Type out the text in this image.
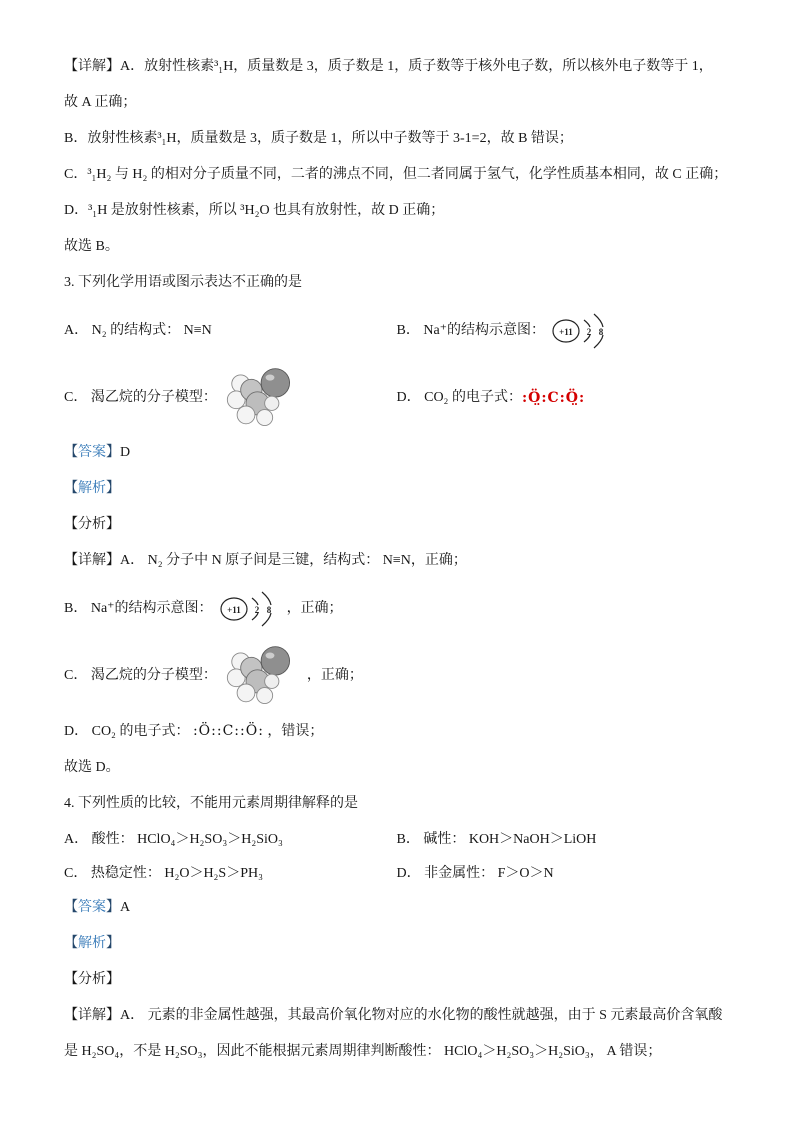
【详解】A．放射性核素³₁H，质量数是 3，质子数是 1，质子数等于核外电子数，所以核外电子数等于 1，

故 A 正确；

B．放射性核素³₁H，质量数是 3，质子数是 1，所以中子数等于 3-1=2，故 B 错误；

C．³₁H₂ 与 H₂ 的相对分子质量不同，二者的沸点不同，但二者同属于氢气，化学性质基本相同，故 C 正确；

D．³₁H 是放射性核素，所以 ³H₂O 也具有放射性，故 D 正确；

故选 B。

3. 下列化学用语或图示表达不正确的是

A． N₂ 的结构式： N≡N	B． Na⁺的结构示意图： +11 2 8
C． 渴乙烷的分子模型：	D． CO₂ 的电子式： :Ö̤:C:Ö̤:

【答案】D

【解析】

【分析】

【详解】A． N₂ 分子中 N 原子间是三键，结构式： N≡N，正确；

B． Na⁺的结构示意图： +11 2 8 ，正确；
C． 渴乙烷的分子模型：	，正确；

D． CO₂ 的电子式： :Ö::C::Ö: ，错误；

故选 D。

4. 下列性质的比较，不能用元素周期律解释的是

A． 酸性： HClO₄＞H₂SO₃＞H₂SiO₃	B． 碱性： KOH＞NaOH＞LiOH
C． 热稳定性： H₂O＞H₂S＞PH₃	D． 非金属性： F＞O＞N

【答案】A

【解析】

【分析】

【详解】A． 元素的非金属性越强，其最高价氧化物对应的水化物的酸性就越强，由于 S 元素最高价含氧酸

是 H₂SO₄，不是 H₂SO₃，因此不能根据元素周期律判断酸性： HClO₄＞H₂SO₃＞H₂SiO₃， A 错误；
